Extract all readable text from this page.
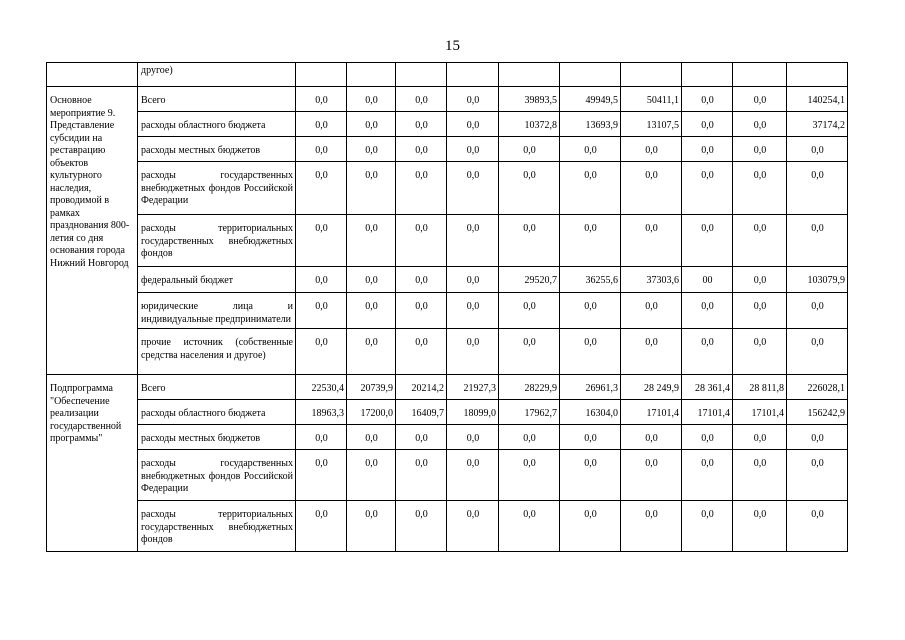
15
	другое)										
Основное мероприятие 9. Представление субсидии на реставрацию объектов культурного наследия, проводимой в рамках празднования 800-летия со дня основания города Нижний Новгород	Всего	0,0	0,0	0,0	0,0	39893,5	49949,5	50411,1	0,0	0,0	140254,1
	расходы областного бюджета	0,0	0,0	0,0	0,0	10372,8	13693,9	13107,5	0,0	0,0	37174,2
	расходы местных бюджетов	0,0	0,0	0,0	0,0	0,0	0,0	0,0	0,0	0,0	0,0
	расходы государственных внебюджетных фондов Российской Федерации	0,0	0,0	0,0	0,0	0,0	0,0	0,0	0,0	0,0	0,0
	расходы территориальных государственных внебюджетных фондов	0,0	0,0	0,0	0,0	0,0	0,0	0,0	0,0	0,0	0,0
	федеральный бюджет	0,0	0,0	0,0	0,0	29520,7	36255,6	37303,6	00	0,0	103079,9
	юридические лица и индивидуальные предприниматели	0,0	0,0	0,0	0,0	0,0	0,0	0,0	0,0	0,0	0,0
	прочие источник (собственные средства населения и другое)	0,0	0,0	0,0	0,0	0,0	0,0	0,0	0,0	0,0	0,0
Подпрограмма "Обеспечение реализации государственной программы"	Всего	22530,4	20739,9	20214,2	21927,3	28229,9	26961,3	28 249,9	28 361,4	28 811,8	226028,1
	расходы областного бюджета	18963,3	17200,0	16409,7	18099,0	17962,7	16304,0	17101,4	17101,4	17101,4	156242,9
	расходы местных бюджетов	0,0	0,0	0,0	0,0	0,0	0,0	0,0	0,0	0,0	0,0
	расходы государственных внебюджетных фондов Российской Федерации	0,0	0,0	0,0	0,0	0,0	0,0	0,0	0,0	0,0	0,0
	расходы территориальных государственных внебюджетных фондов	0,0	0,0	0,0	0,0	0,0	0,0	0,0	0,0	0,0	0,0
